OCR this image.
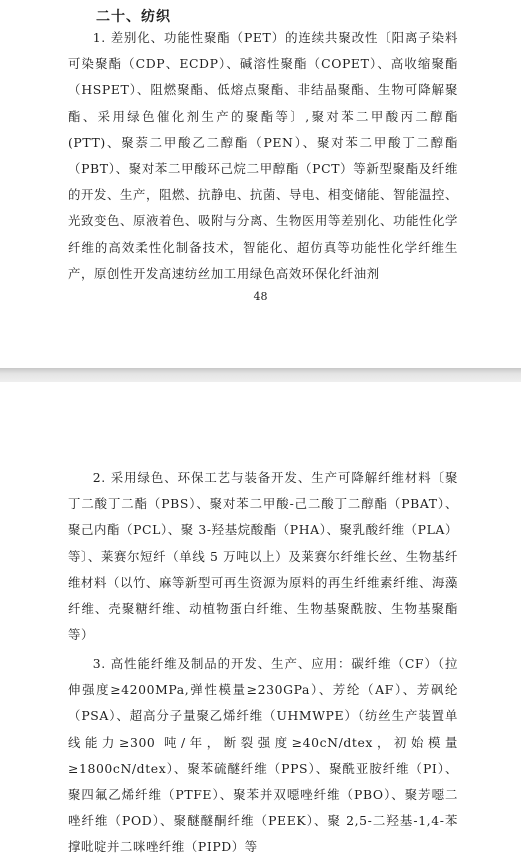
二十、纺织

1. 差别化、功能性聚酯（PET）的连续共聚改性〔阳离子染料可染聚酯（CDP、ECDP）、碱溶性聚酯（COPET）、高收缩聚酯（HSPET）、阻燃聚酯、低熔点聚酯、非结晶聚酯、生物可降解聚酯、采用绿色催化剂生产的聚酯等〕,聚对苯二甲酸丙二醇酯(PTT)、聚萘二甲酸乙二醇酯（PEN）、聚对苯二甲酸丁二醇酯（PBT）、聚对苯二甲酸环己烷二甲醇酯（PCT）等新型聚酯及纤维的开发、生产，阻燃、抗静电、抗菌、导电、相变储能、智能温控、光致变色、原液着色、吸附与分离、生物医用等差别化、功能性化学纤维的高效柔性化制备技术，智能化、超仿真等功能性化学纤维生产，原创性开发高速纺丝加工用绿色高效环保化纤油剂

48

2. 采用绿色、环保工艺与装备开发、生产可降解纤维材料〔聚丁二酸丁二酯（PBS）、聚对苯二甲酸-己二酸丁二醇酯（PBAT）、聚己内酯（PCL）、聚 3-羟基烷酸酯（PHA）、聚乳酸纤维（PLA）等〕、莱赛尔短纤（单线 5 万吨以上）及莱赛尔纤维长丝、生物基纤维材料（以竹、麻等新型可再生资源为原料的再生纤维素纤维、海藻纤维、壳聚糖纤维、动植物蛋白纤维、生物基聚酰胺、生物基聚酯等）

3. 高性能纤维及制品的开发、生产、应用：碳纤维（CF）（拉伸强度≥4200MPa,弹性模量≥230GPa）、芳纶（AF）、芳砜纶（PSA）、超高分子量聚乙烯纤维（UHMWPE）（纺丝生产装置单线能力≥300 吨/年，断裂强度≥40cN/dtex，初始模量≥1800cN/dtex）、聚苯硫醚纤维（PPS）、聚酰亚胺纤维（PI）、聚四氟乙烯纤维（PTFE）、聚苯并双噁唑纤维（PBO）、聚芳噁二唑纤维（POD）、聚醚醚酮纤维（PEEK）、聚 2,5-二羟基-1,4-苯撑吡啶并二咪唑纤维（PIPD）等
